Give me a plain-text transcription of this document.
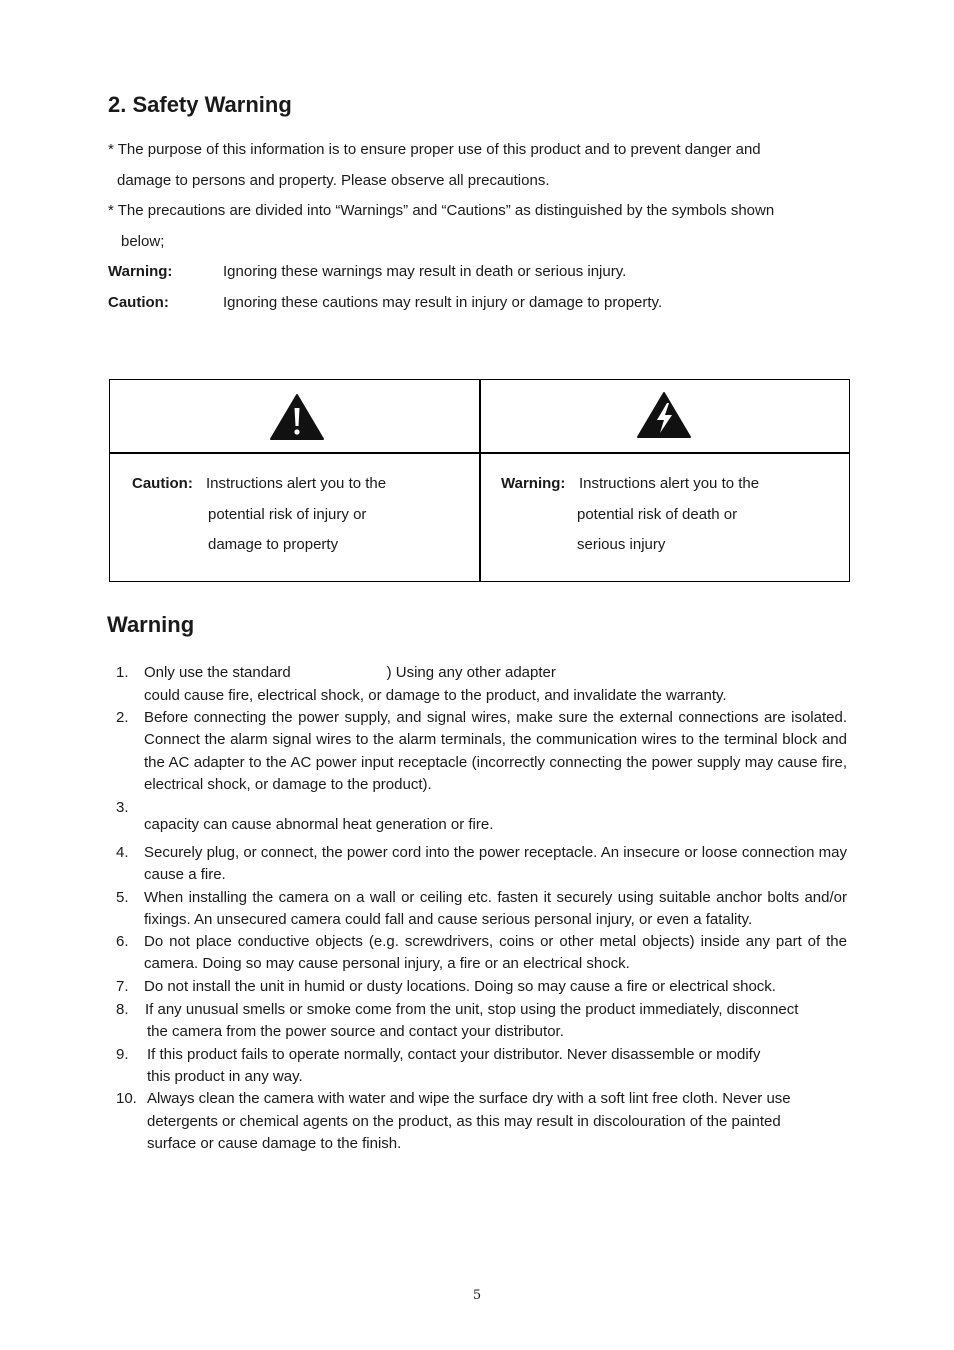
2. Safety Warning
* The purpose of this information is to ensure proper use of this product and to prevent danger and
damage to persons and property. Please observe all precautions.
* The precautions are divided into “Warnings” and “Cautions” as distinguished by the symbols shown
below;
Warning:	Ignoring these warnings may result in death or serious injury.
Caution:	Ignoring these cautions may result in injury or damage to property.
Caution: Instructions alert you to the
potential risk of injury or
damage to property
Warning: Instructions alert you to the
potential risk of death or
serious injury
Warning
1. Only use the standard                       ) Using any other adapter
could cause fire, electrical shock, or damage to the product, and invalidate the warranty.
2. Before connecting the power supply, and signal wires, make sure the external connections are isolated. Connect the alarm signal wires to the alarm terminals, the communication wires to the terminal block and the AC adapter to the AC power input receptacle (incorrectly connecting the power supply may cause fire, electrical shock, or damage to the product).
3.
capacity can cause abnormal heat generation or fire.
4. Securely plug, or connect, the power cord into the power receptacle. An insecure or loose connection may cause a fire.
5. When installing the camera on a wall or ceiling etc. fasten it securely using suitable anchor bolts and/or fixings. An unsecured camera could fall and cause serious personal injury, or even a fatality.
6. Do not place conductive objects (e.g. screwdrivers, coins or other metal objects) inside any part of the camera. Doing so may cause personal injury, a fire or an electrical shock.
7. Do not install the unit in humid or dusty locations. Doing so may cause a fire or electrical shock.
8. If any unusual smells or smoke come from the unit, stop using the product immediately, disconnect
the camera from the power source and contact your distributor.
9. If this product fails to operate normally, contact your distributor. Never disassemble or modify
this product in any way.
10. Always clean the camera with water and wipe the surface dry with a soft lint free cloth. Never use
detergents or chemical agents on the product, as this may result in discolouration of the painted
surface or cause damage to the finish.
5
